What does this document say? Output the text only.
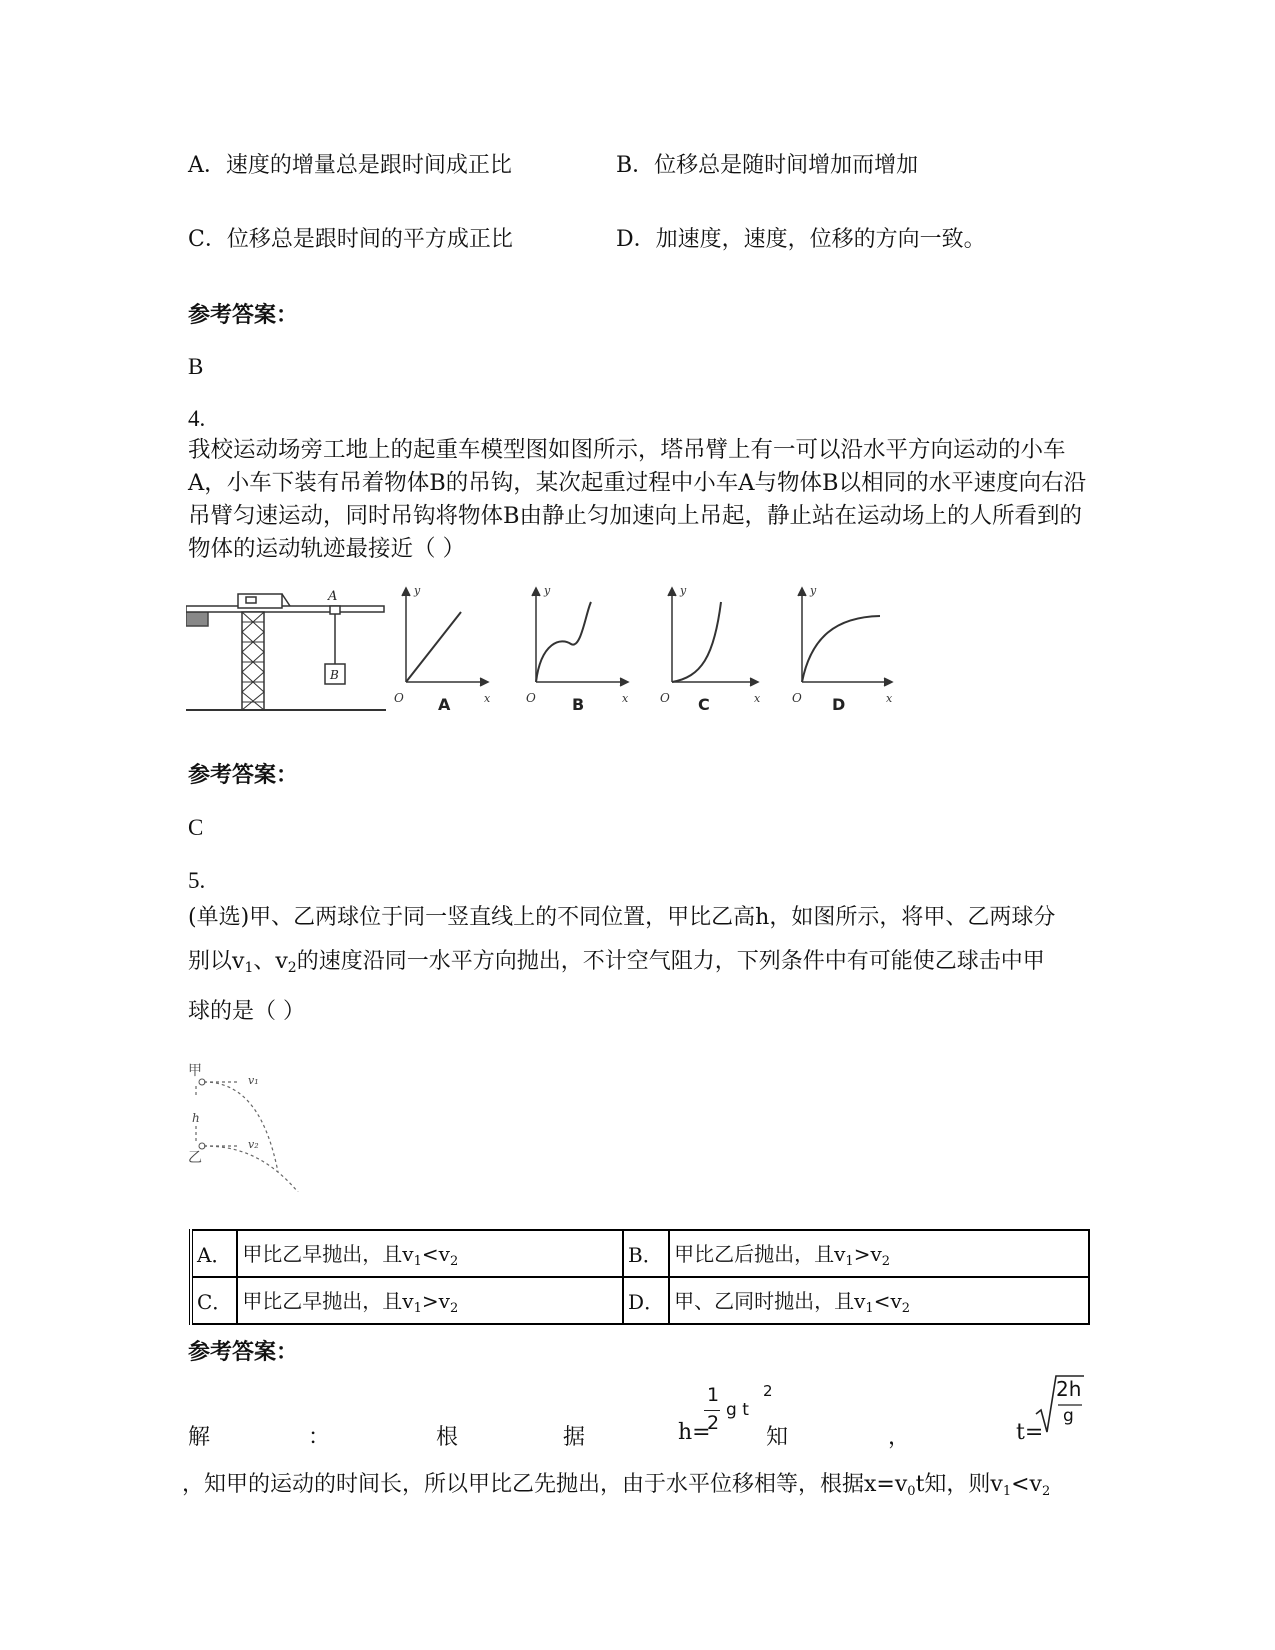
A．速度的增量总是跟时间成正比	B．位移总是随时间增加而增加
C．位移总是跟时间的平方成正比	D．加速度，速度，位移的方向一致。
参考答案：
B
4.
我校运动场旁工地上的起重车模型图如图所示，塔吊臂上有一可以沿水平方向运动的小车A，小车下装有吊着物体B的吊钩，某次起重过程中小车A与物体B以相同的水平速度向右沿吊臂匀速运动，同时吊钩将物体B由静止匀加速向上吊起，静止站在运动场上的人所看到的物体的运动轨迹最接近（ ）
A
B
y
x
O A
y
x
O B
y
x
O C
y
x
O D
参考答案：
C
5.
(单选)甲、乙两球位于同一竖直线上的不同位置，甲比乙高h，如图所示，将甲、乙两球分
别以$v_1$、$v_2$的速度沿同一水平方向抛出，不计空气阻力，下列条件中有可能使乙球击中甲
球的是（ ）
甲
乙
h
v₁
v₂
A．	甲比乙早抛出，且$v_1<v_2$	B．	甲比乙后抛出，且$v_1>v_2$
C．	甲比乙早抛出，且$v_1>v_2$	D．	甲、乙同时抛出，且$v_1<v_2$
参考答案：
解	：	根	据	h=
1
2
g t
2
知	，	t=
2h
g
，知甲的运动的时间长，所以甲比乙先抛出，由于水平位移相等，根据$x=v_0t$知，则$v_1<v_2$
